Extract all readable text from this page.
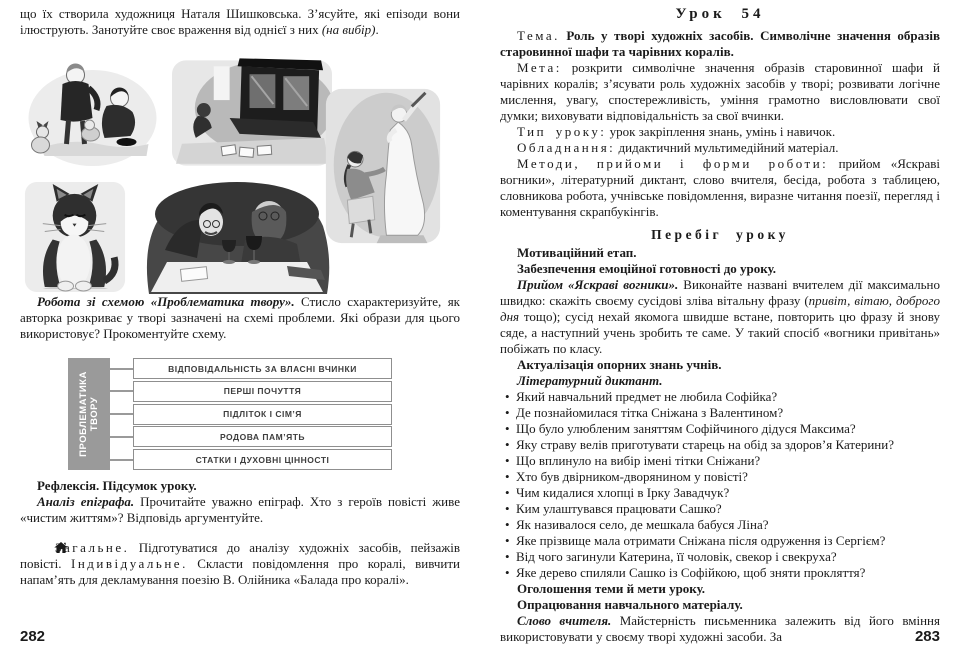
що їх створила художниця Наталя Шишковська. З’ясуйте, які епізоди вони ілюструють. Занотуйте своє враження від однієї з них (на вибір).

Робота зі схемою «Проблематика твору». Стисло схарактеризуйте, як авторка розкриває у творі зазначені на схемі проблеми. Які образи для цього використовує? Прокоментуйте схему.

ПРОБЛЕМАТИКА ТВОРУ
ВІДПОВІДАЛЬНІСТЬ ЗА ВЛАСНІ ВЧИНКИ
ПЕРШІ ПОЧУТТЯ
ПІДЛІТОК І СІМ’Я
РОДОВА ПАМ’ЯТЬ
СТАТКИ І ДУХОВНІ ЦІННОСТІ

Рефлексія. Підсумок уроку.

Аналіз епіграфа. Прочитайте уважно епіграф. Хто з героїв повісті живе «чистим життям»? Відповідь аргументуйте.

Загальне. Підготуватися до аналізу художніх засобів, пейзажів повісті. Індивідуальне. Скласти повідомлення про коралі, вивчити напам’ять для декламування поезію В. Олійника «Балада про коралі».

282
Урок 54

Тема. Роль у творі художніх засобів. Символічне значення образів старовинної шафи та чарівних коралів.

Мета: розкрити символічне значення образів старовинної шафи й чарівних коралів; з’ясувати роль художніх засобів у творі; розвивати логічне мислення, увагу, спостережливість, уміння грамотно висловлювати свої думки; виховувати відповідальність за свої вчинки.

Тип уроку: урок закріплення знань, умінь і навичок.

Обладнання: дидактичний мультимедійний матеріал.

Методи, прийоми і форми роботи: прийом «Яскраві вогники», літературний диктант, слово вчителя, бесіда, робота з таблицею, словникова робота, учнівське повідомлення, виразне читання поезії, перегляд і коментування скрапбукінгів.

Перебіг уроку

Мотиваційний етап.

Забезпечення емоційної готовності до уроку.

Прийом «Яскраві вогники». Виконайте названі вчителем дії максимально швидко: скажіть своєму сусідові зліва вітальну фразу (привіт, вітаю, доброго дня тощо); сусід нехай якомога швидше встане, повторить цю фразу й знову сяде, а наступний учень зробить те саме. У такий спосіб «вогники привітань» побіжать по класу.

Актуалізація опорних знань учнів.

Літературний диктант.

• Який навчальний предмет не любила Софійка?
• Де познайомилася тітка Сніжана з Валентином?
• Що було улюбленим заняттям Софійчиного дідуся Максима?
• Яку страву велів приготувати старець на обід за здоров’я Катерини?
• Що вплинуло на вибір імені тітки Сніжани?
• Хто був двірником-дворянином у повісті?
• Чим кидалися хлопці в Ірку Завадчук?
• Ким улаштувався працювати Сашко?
• Як називалося село, де мешкала бабуся Ліна?
• Яке прізвище мала отримати Сніжана після одруження із Сергієм?
• Від чого загинули Катерина, її чоловік, свекор і свекруха?
• Яке дерево спиляли Сашко із Софійкою, щоб зняти прокляття?

Оголошення теми й мети уроку.

Опрацювання навчального матеріалу.

Слово вчителя. Майстерність письменника залежить від його вміння використовувати у своєму творі художні засоби. За	283
